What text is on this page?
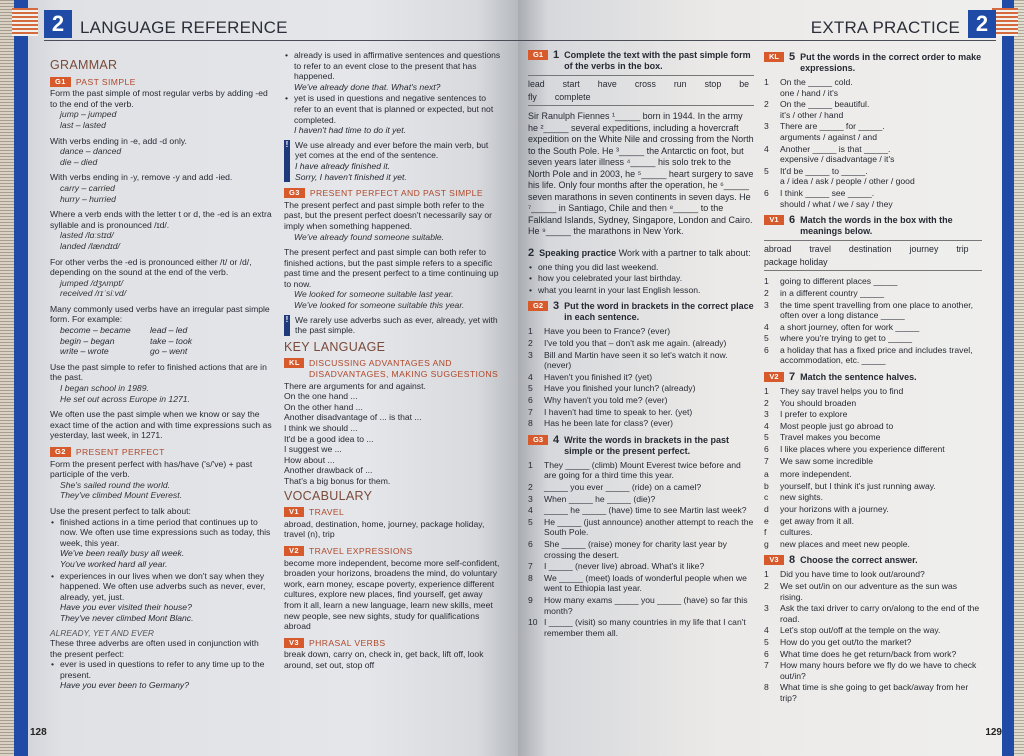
2 LANGUAGE REFERENCE
GRAMMAR
G1	PAST SIMPLE
Form the past simple of most regular verbs by adding -ed to the end of the verb.
jump – jumped
last – lasted
With verbs ending in -e, add -d only.
dance – danced
die – died
With verbs ending in -y, remove -y and add -ied.
carry – carried
hurry – hurried
Where a verb ends with the letter t or d, the -ed is an extra syllable and is pronounced /ɪd/.
lasted /lɑːstɪd/
landed /lændɪd/
For other verbs the -ed is pronounced either /t/ or /d/, depending on the sound at the end of the verb.
jumped /dʒʌmpt/
received /rɪˈsiːvd/
Many commonly used verbs have an irregular past simple form. For example:
become – became	lead – led
begin – began	take – took
write – wrote	go – went
Use the past simple to refer to finished actions that are in the past.
I began school in 1989.
He set out across Europe in 1271.
We often use the past simple when we know or say the exact time of the action and with time expressions such as yesterday, last week, in 1271.
G2	PRESENT PERFECT
Form the present perfect with has/have ('s/'ve) + past participle of the verb.
She's sailed round the world.
They've climbed Mount Everest.
Use the present perfect to talk about:
• finished actions in a time period that continues up to now. We often use time expressions such as today, this week, this year.
We've been really busy all week.
You've worked hard all year.
• experiences in our lives when we don't say when they happened. We often use adverbs such as never, ever, already, yet, just.
Have you ever visited their house?
They've never climbed Mont Blanc.
ALREADY, YET AND EVER
These three adverbs are often used in conjunction with the present perfect:
• ever is used in questions to refer to any time up to the present.
Have you ever been to Germany?
• already is used in affirmative sentences and questions to refer to an event close to the present that has happened.
We've already done that. What's next?
• yet is used in questions and negative sentences to refer to an event that is planned or expected, but not completed.
I haven't had time to do it yet.
! We use already and ever before the main verb, but yet comes at the end of the sentence.
I have already finished it.
Sorry, I haven't finished it yet.
G3	PRESENT PERFECT AND PAST SIMPLE
The present perfect and past simple both refer to the past, but the present perfect doesn't necessarily say or imply when something happened.
We've already found someone suitable.
The present perfect and past simple can both refer to finished actions, but the past simple refers to a specific past time and the present perfect to a time continuing up to now.
We looked for someone suitable last year.
We've looked for someone suitable this year.
! We rarely use adverbs such as ever, already, yet with the past simple.
KEY LANGUAGE
KL	DISCUSSING ADVANTAGES AND DISADVANTAGES, MAKING SUGGESTIONS
There are arguments for and against.
On the one hand ...
On the other hand ...
Another disadvantage of ... is that ...
I think we should ...
It'd be a good idea to ...
I suggest we ...
How about ...
Another drawback of ...
That's a big bonus for them.
VOCABULARY
V1	TRAVEL
abroad, destination, home, journey, package holiday, travel (n), trip
V2	TRAVEL EXPRESSIONS
become more independent, become more self-confident, broaden your horizons, broadens the mind, do voluntary work, earn money, escape poverty, experience different cultures, explore new places, find yourself, get away from it all, learn a new language, learn new skills, meet new people, see new sights, study for qualifications abroad
V3	PHRASAL VERBS
break down, carry on, check in, get back, lift off, look around, set out, stop off
128
2
EXTRA PRACTICE
G1 1 Complete the text with the past simple form of the verbs in the box.
lead start have cross run stop be
fly complete
Sir Ranulph Fiennes ¹_____ born in 1944. In the army he ²_____ several expeditions, including a hovercraft expedition on the White Nile and crossing from the North to the South Pole. He ³_____ the Antarctic on foot, but seven years later illness ⁴_____ his solo trek to the North Pole and in 2003, he ⁵_____ heart surgery to save his life. Only four months after the operation, he ⁶_____ seven marathons in seven continents in seven days. He ⁷_____ in Santiago, Chile and then ⁸_____ to the Falkland Islands, Sydney, Singapore, London and Cairo. He ⁹_____ the marathons in New York.
2 Speaking practice Work with a partner to talk about:
• one thing you did last weekend.
• how you celebrated your last birthday.
• what you learnt in your last English lesson.
G2 3 Put the word in brackets in the correct place in each sentence.
1	Have you been to France? (ever)
2	I've told you that – don't ask me again. (already)
3	Bill and Martin have seen it so let's watch it now. (never)
4	Haven't you finished it? (yet)
5	Have you finished your lunch? (already)
6	Why haven't you told me? (ever)
7	I haven't had time to speak to her. (yet)
8	Has he been late for class? (ever)
G3 4 Write the words in brackets in the past simple or the present perfect.
1	They _____ (climb) Mount Everest twice before and are going for a third time this year.
2	_____ you ever _____ (ride) on a camel?
3	When _____ he _____ (die)?
4	_____ he _____ (have) time to see Martin last week?
5	He _____ (just announce) another attempt to reach the South Pole.
6	She _____ (raise) money for charity last year by crossing the desert.
7	I _____ (never live) abroad. What's it like?
8	We _____ (meet) loads of wonderful people when we went to Ethiopia last year.
9	How many exams _____ you _____ (have) so far this month?
10 I _____ (visit) so many countries in my life that I can't remember them all.
KL 5 Put the words in the correct order to make expressions.
1	On the _____ cold.
one / hand / it's
2	On the _____ beautiful.
it's / other / hand
3	There are _____ for _____.
arguments / against / and
4	Another _____ is that _____.
expensive / disadvantage / it's
5	It'd be _____ to _____.
a / idea / ask / people / other / good
6	I think _____ see _____.
should / what / we / say / they
V1 6 Match the words in the box with the meanings below.
abroad travel destination journey trip
package holiday
1	going to different places _____
2	in a different country _____
3	the time spent travelling from one place to another, often over a long distance _____
4	a short journey, often for work _____
5	where you're trying to get to _____
6	a holiday that has a fixed price and includes travel, accommodation, etc. _____
V2 7 Match the sentence halves.
1	They say travel helps you to find
2	You should broaden
3	I prefer to explore
4	Most people just go abroad to
5	Travel makes you become
6	I like places where you experience different
7	We saw some incredible
a	more independent.
b	yourself, but I think it's just running away.
c	new sights.
d	your horizons with a journey.
e	get away from it all.
f	cultures.
g	new places and meet new people.
V3 8 Choose the correct answer.
1	Did you have time to look out/around?
2	We set out/in on our adventure as the sun was rising.
3	Ask the taxi driver to carry on/along to the end of the road.
4	Let's stop out/off at the temple on the way.
5	How do you get out/to the market?
6	What time does he get return/back from work?
7	How many hours before we fly do we have to check out/in?
8	What time is she going to get back/away from her trip?
129
